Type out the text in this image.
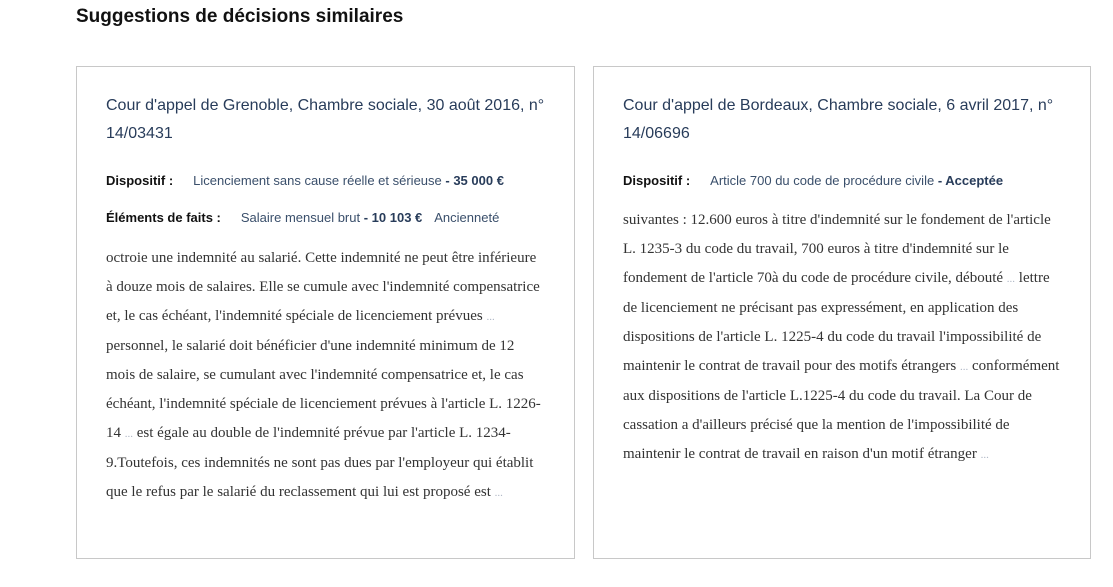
Suggestions de décisions similaires
Cour d'appel de Grenoble, Chambre sociale, 30 août 2016, n° 14/03431
Dispositif : Licenciement sans cause réelle et sérieuse - 35 000 €
Éléments de faits : Salaire mensuel brut - 10 103 € Ancienneté

octroie une indemnité au salarié. Cette indemnité ne peut être inférieure à douze mois de salaires. Elle se cumule avec l'indemnité compensatrice et, le cas échéant, l'indemnité spéciale de licenciement prévues ... personnel, le salarié doit bénéficier d'une indemnité minimum de 12 mois de salaire, se cumulant avec l'indemnité compensatrice et, le cas échéant, l'indemnité spéciale de licenciement prévues à l'article L. 1226-14 ... est égale au double de l'indemnité prévue par l'article L. 1234-9.Toutefois, ces indemnités ne sont pas dues par l'employeur qui établit que le refus par le salarié du reclassement qui lui est proposé est ...

Cour d'appel de Bordeaux, Chambre sociale, 6 avril 2017, n° 14/06696
Dispositif : Article 700 du code de procédure civile - Acceptée

suivantes : 12.600 euros à titre d'indemnité sur le fondement de l'article L. 1235-3 du code du travail, 700 euros à titre d'indemnité sur le fondement de l'article 70à du code de procédure civile, débouté ... lettre de licenciement ne précisant pas expressément, en application des dispositions de l'article L. 1225-4 du code du travail l'impossibilité de maintenir le contrat de travail pour des motifs étrangers ... conformément aux dispositions de l'article L.1225-4 du code du travail. La Cour de cassation a d'ailleurs précisé que la mention de l'impossibilité de maintenir le contrat de travail en raison d'un motif étranger ...
